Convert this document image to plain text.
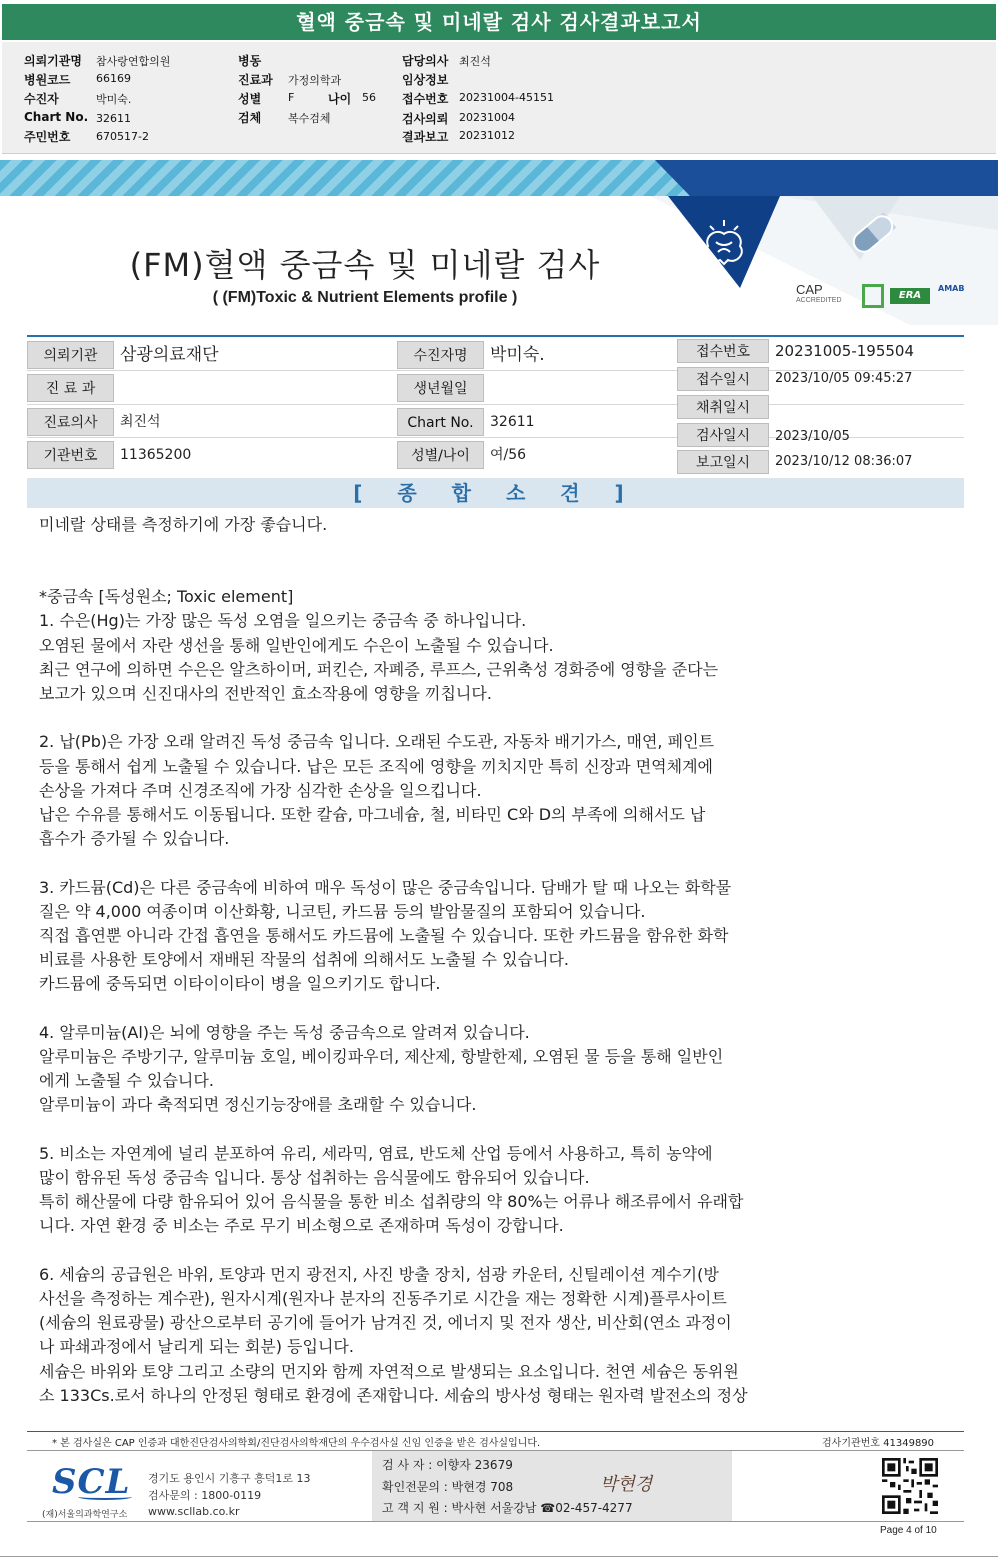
혈액 중금속 및 미네랄 검사 검사결과보고서
의뢰기관명 참사랑연합의원
병원코드 66169
수진자	박미숙.
Chart No. 32611
주민번호 670517-2
병동
진료과 가정의학과
성별 F	나이 56
검체 복수검체
담당의사 최진석
임상정보
접수번호 20231004-45151
검사의뢰 20231004
결과보고 20231012
(FM)혈액 중금속 및 미네랄 검사
( (FM)Toxic & Nutrient Elements profile )	CAP
ACCREDITED	ERA
AMAB
의뢰기관	삼광의료재단
진 료 과
진료의사	최진석
기관번호	11365200
수진자명	박미숙.
생년월일
Chart No.	32611
성별/나이	여/56
접수번호	20231005-195504
접수일시	2023/10/05 09:45:27
채취일시
검사일시	2023/10/05
보고일시	2023/10/12 08:36:07
[ 종 합 소 견 ]
미네랄 상태를 측정하기에 가장 좋습니다.
*중금속 [독성원소; Toxic element]
1. 수은(Hg)는 가장 많은 독성 오염을 일으키는 중금속 중 하나입니다.
오염된 물에서 자란 생선을 통해 일반인에게도 수은이 노출될 수 있습니다.
최근 연구에 의하면 수은은 알츠하이머, 퍼킨슨, 자폐증, 루프스, 근위축성 경화증에 영향을 준다는
보고가 있으며 신진대사의 전반적인 효소작용에 영향을 끼칩니다.
2. 납(Pb)은 가장 오래 알려진 독성 중금속 입니다. 오래된 수도관, 자동차 배기가스, 매연, 페인트
등을 통해서 쉽게 노출될 수 있습니다. 납은 모든 조직에 영향을 끼치지만 특히 신장과 면역체계에
손상을 가져다 주며 신경조직에 가장 심각한 손상을 일으킵니다.
납은 수유를 통해서도 이동됩니다. 또한 칼슘, 마그네슘, 철, 비타민 C와 D의 부족에 의해서도 납
흡수가 증가될 수 있습니다.
3. 카드뮴(Cd)은 다른 중금속에 비하여 매우 독성이 많은 중금속입니다. 담배가 탈 때 나오는 화학물
질은 약 4,000 여종이며 이산화황, 니코틴, 카드뮴 등의 발암물질의 포함되어 있습니다.
직접 흡연뿐 아니라 간접 흡연을 통해서도 카드뮴에 노출될 수 있습니다. 또한 카드뮴을 함유한 화학
비료를 사용한 토양에서 재배된 작물의 섭취에 의해서도 노출될 수 있습니다.
카드뮴에 중독되면 이타이이타이 병을 일으키기도 합니다.
4. 알루미늄(Al)은 뇌에 영향을 주는 독성 중금속으로 알려져 있습니다.
알루미늄은 주방기구, 알루미늄 호일, 베이킹파우더, 제산제, 항발한제, 오염된 물 등을 통해 일반인
에게 노출될 수 있습니다.
알루미늄이 과다 축적되면 정신기능장애를 초래할 수 있습니다.
5. 비소는 자연계에 널리 분포하여 유리, 세라믹, 염료, 반도체 산업 등에서 사용하고, 특히 농약에
많이 함유된 독성 중금속 입니다. 통상 섭취하는 음식물에도 함유되어 있습니다.
특히 해산물에 다량 함유되어 있어 음식물을 통한 비소 섭취량의 약 80%는 어류나 해조류에서 유래합
니다. 자연 환경 중 비소는 주로 무기 비소형으로 존재하며 독성이 강합니다.
6. 세슘의 공급원은 바위, 토양과 먼지 광전지, 사진 방출 장치, 섬광 카운터, 신틸레이션 계수기(방
사선을 측정하는 계수관), 원자시계(원자나 분자의 진동주기로 시간을 재는 정확한 시계)플루사이트
(세슘의 원료광물) 광산으로부터 공기에 들어가 남겨진 것, 에너지 및 전자 생산, 비산회(연소 과정이
나 파쇄과정에서 날리게 되는 회분) 등입니다.
세슘은 바위와 토양 그리고 소량의 먼지와 함께 자연적으로 발생되는 요소입니다. 천연 세슘은 동위원
소 133Cs.로서 하나의 안정된 형태로 환경에 존재합니다. 세슘의 방사성 형태는 원자력 발전소의 정상
* 본 검사실은 CAP 인증과 대한진단검사의학회/진단검사의학재단의 우수검사실 신임 인증을 받은 검사실입니다.	검사기관번호 41349890
SCL
(재)서울의과학연구소
경기도 용인시 기흥구 흥덕1로 13
검사문의 : 1800-0119
www.scllab.co.kr
검 사 자 : 이향자 23679
확인전문의 : 박현경 708
고 객 지 원 : 박사현 서울강남 ☎02-457-4277
박현경
Page 4 of 10
